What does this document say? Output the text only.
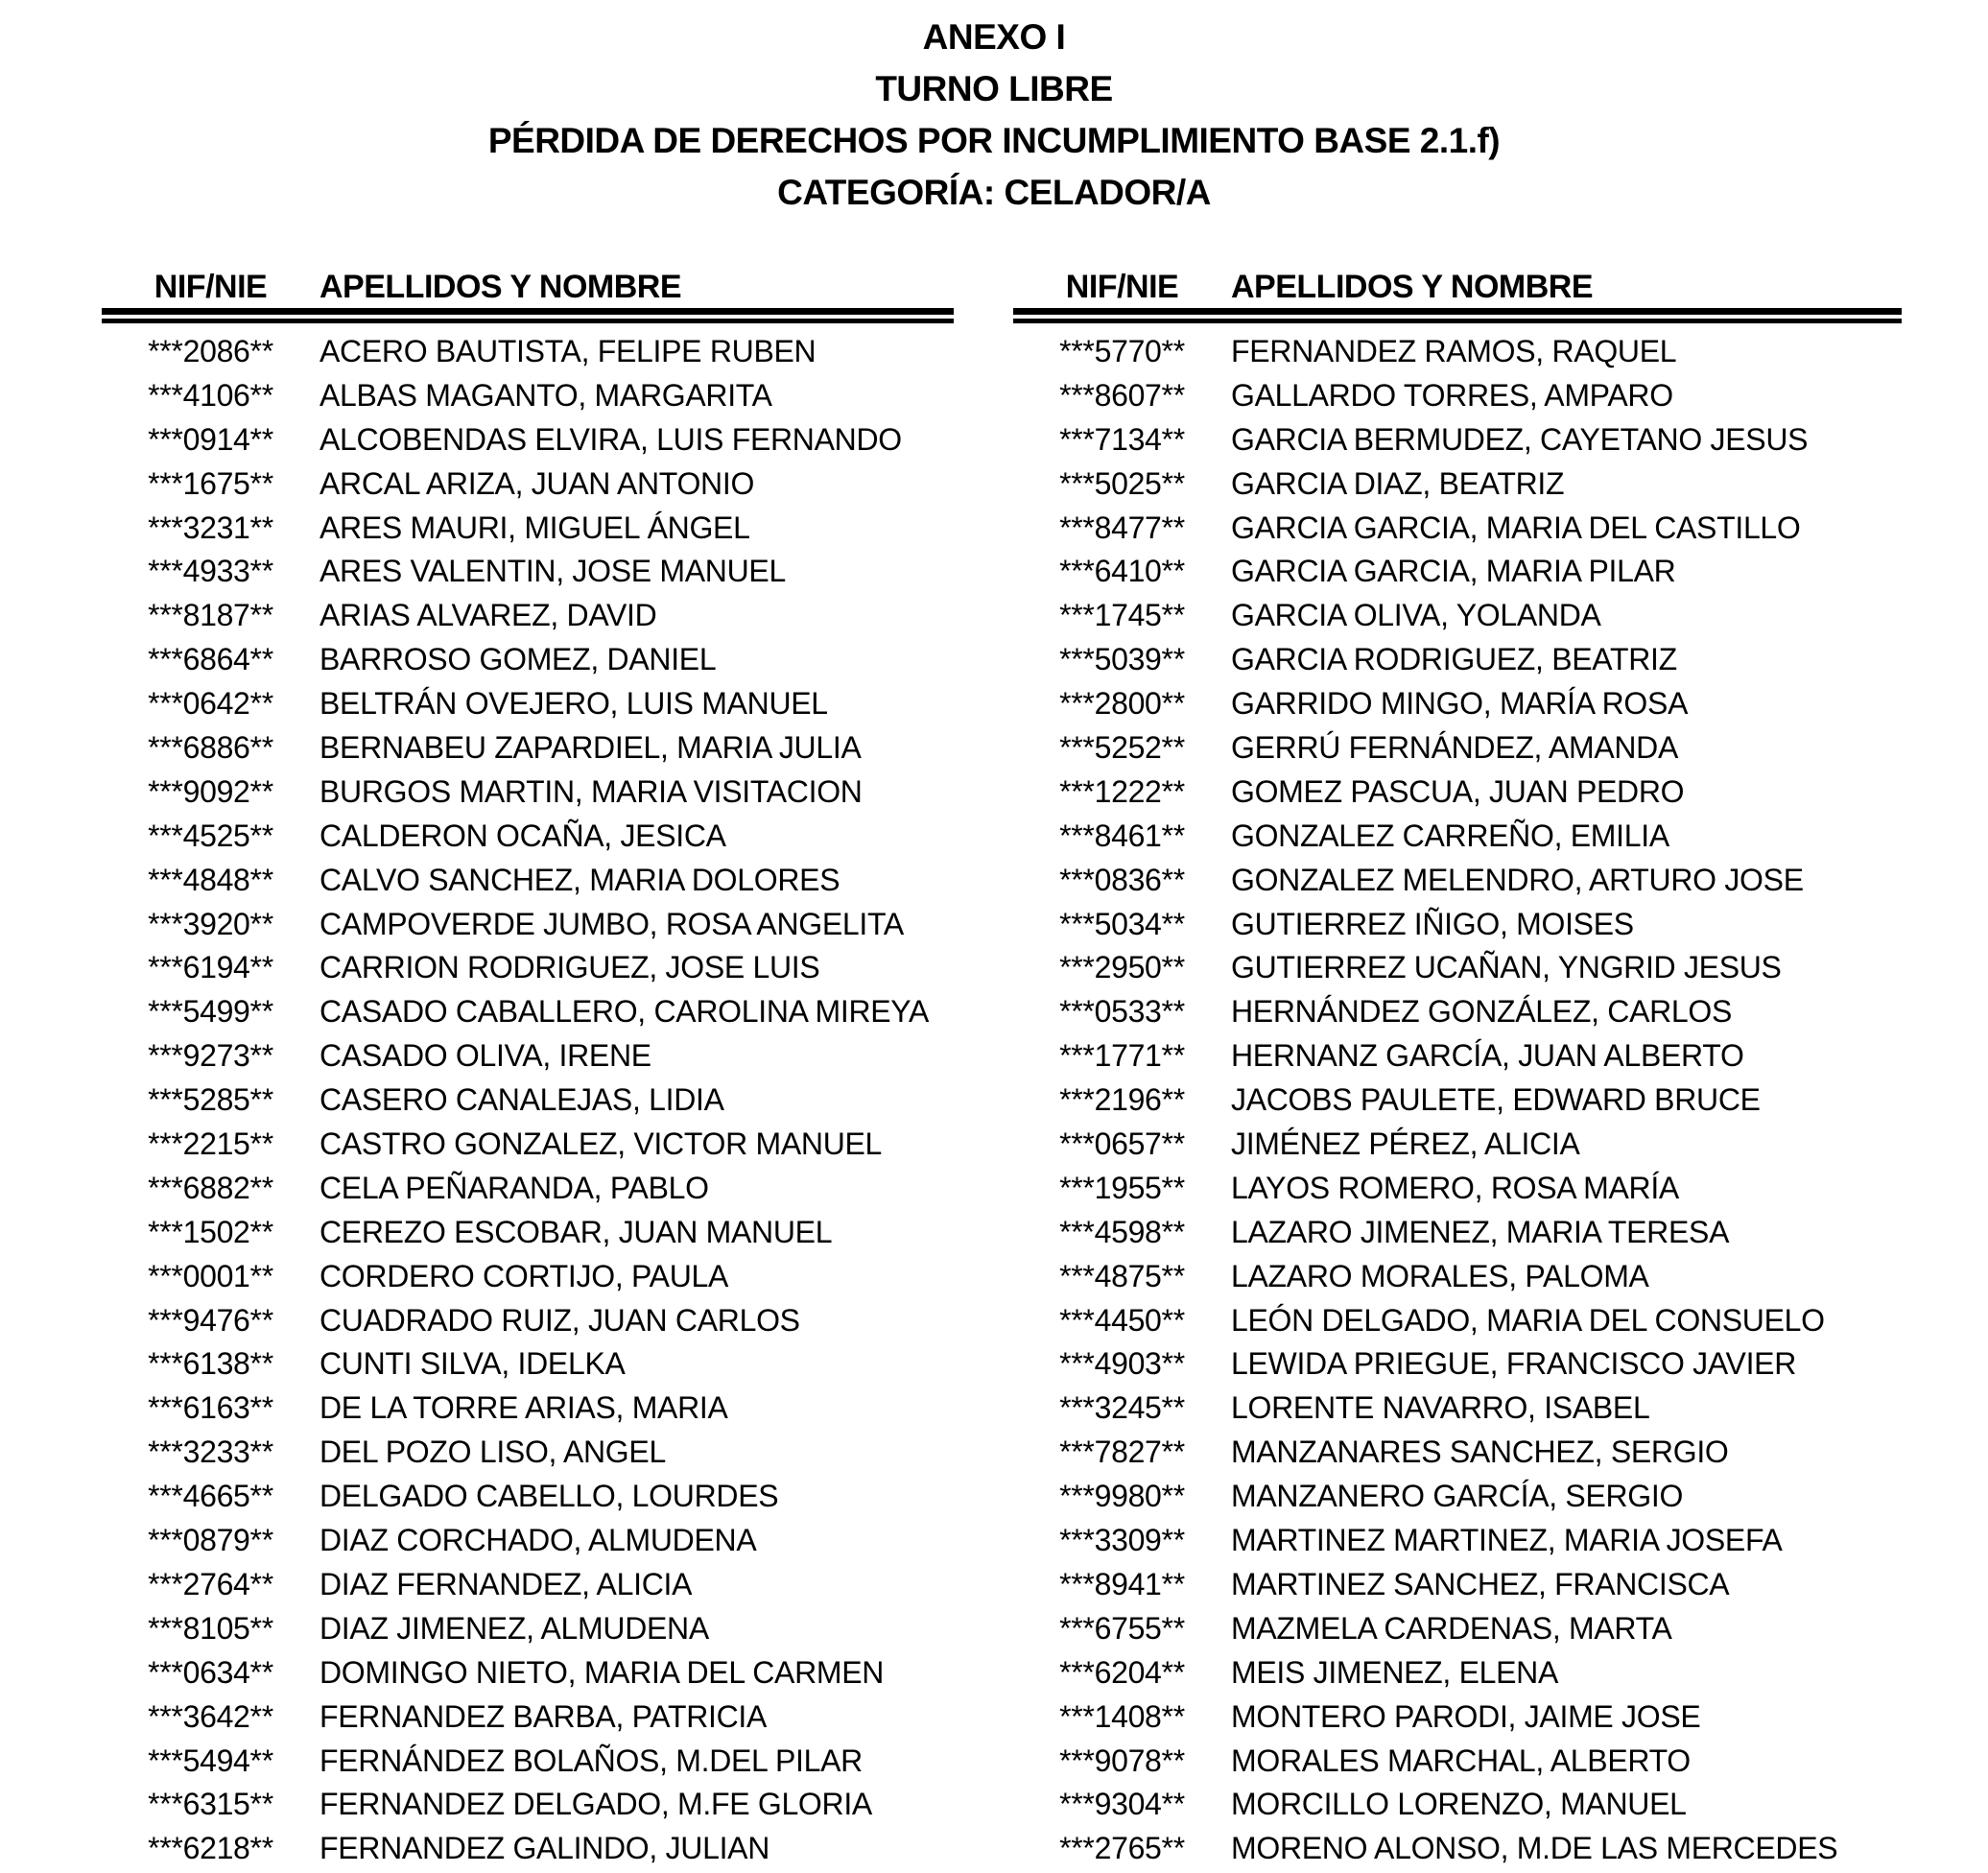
ANEXO I
TURNO LIBRE
PÉRDIDA DE DERECHOS POR INCUMPLIMIENTO BASE 2.1.f)
CATEGORÍA: CELADOR/A
NIF/NIE	APELLIDOS Y NOMBRE
***2086**	ACERO BAUTISTA, FELIPE RUBEN
***4106**	ALBAS MAGANTO, MARGARITA
***0914**	ALCOBENDAS ELVIRA, LUIS FERNANDO
***1675**	ARCAL ARIZA, JUAN ANTONIO
***3231**	ARES MAURI, MIGUEL ÁNGEL
***4933**	ARES VALENTIN, JOSE MANUEL
***8187**	ARIAS ALVAREZ, DAVID
***6864**	BARROSO GOMEZ, DANIEL
***0642**	BELTRÁN OVEJERO, LUIS MANUEL
***6886**	BERNABEU ZAPARDIEL, MARIA JULIA
***9092**	BURGOS MARTIN, MARIA VISITACION
***4525**	CALDERON OCAÑA, JESICA
***4848**	CALVO SANCHEZ, MARIA DOLORES
***3920**	CAMPOVERDE JUMBO, ROSA ANGELITA
***6194**	CARRION RODRIGUEZ, JOSE LUIS
***5499**	CASADO CABALLERO, CAROLINA MIREYA
***9273**	CASADO OLIVA, IRENE
***5285**	CASERO CANALEJAS, LIDIA
***2215**	CASTRO GONZALEZ, VICTOR MANUEL
***6882**	CELA PEÑARANDA, PABLO
***1502**	CEREZO ESCOBAR, JUAN MANUEL
***0001**	CORDERO CORTIJO, PAULA
***9476**	CUADRADO RUIZ, JUAN CARLOS
***6138**	CUNTI SILVA, IDELKA
***6163**	DE LA TORRE ARIAS, MARIA
***3233**	DEL POZO LISO, ANGEL
***4665**	DELGADO CABELLO, LOURDES
***0879**	DIAZ CORCHADO, ALMUDENA
***2764**	DIAZ FERNANDEZ, ALICIA
***8105**	DIAZ JIMENEZ, ALMUDENA
***0634**	DOMINGO NIETO, MARIA DEL CARMEN
***3642**	FERNANDEZ BARBA, PATRICIA
***5494**	FERNÁNDEZ BOLAÑOS, M.DEL PILAR
***6315**	FERNANDEZ DELGADO, M.FE GLORIA
***6218**	FERNANDEZ GALINDO, JULIAN
NIF/NIE	APELLIDOS Y NOMBRE
***5770**	FERNANDEZ RAMOS, RAQUEL
***8607**	GALLARDO TORRES, AMPARO
***7134**	GARCIA BERMUDEZ, CAYETANO JESUS
***5025**	GARCIA DIAZ, BEATRIZ
***8477**	GARCIA GARCIA, MARIA DEL CASTILLO
***6410**	GARCIA GARCIA, MARIA PILAR
***1745**	GARCIA OLIVA, YOLANDA
***5039**	GARCIA RODRIGUEZ, BEATRIZ
***2800**	GARRIDO MINGO, MARÍA ROSA
***5252**	GERRÚ FERNÁNDEZ, AMANDA
***1222**	GOMEZ PASCUA, JUAN PEDRO
***8461**	GONZALEZ CARREÑO, EMILIA
***0836**	GONZALEZ MELENDRO, ARTURO JOSE
***5034**	GUTIERREZ IÑIGO, MOISES
***2950**	GUTIERREZ UCAÑAN, YNGRID JESUS
***0533**	HERNÁNDEZ GONZÁLEZ, CARLOS
***1771**	HERNANZ GARCÍA, JUAN ALBERTO
***2196**	JACOBS PAULETE, EDWARD BRUCE
***0657**	JIMÉNEZ PÉREZ, ALICIA
***1955**	LAYOS ROMERO, ROSA MARÍA
***4598**	LAZARO JIMENEZ, MARIA TERESA
***4875**	LAZARO MORALES, PALOMA
***4450**	LEÓN DELGADO, MARIA DEL CONSUELO
***4903**	LEWIDA PRIEGUE, FRANCISCO JAVIER
***3245**	LORENTE NAVARRO, ISABEL
***7827**	MANZANARES SANCHEZ, SERGIO
***9980**	MANZANERO GARCÍA, SERGIO
***3309**	MARTINEZ MARTINEZ, MARIA JOSEFA
***8941**	MARTINEZ SANCHEZ, FRANCISCA
***6755**	MAZMELA CARDENAS, MARTA
***6204**	MEIS JIMENEZ, ELENA
***1408**	MONTERO PARODI, JAIME JOSE
***9078**	MORALES MARCHAL, ALBERTO
***9304**	MORCILLO LORENZO, MANUEL
***2765**	MORENO ALONSO, M.DE LAS MERCEDES
